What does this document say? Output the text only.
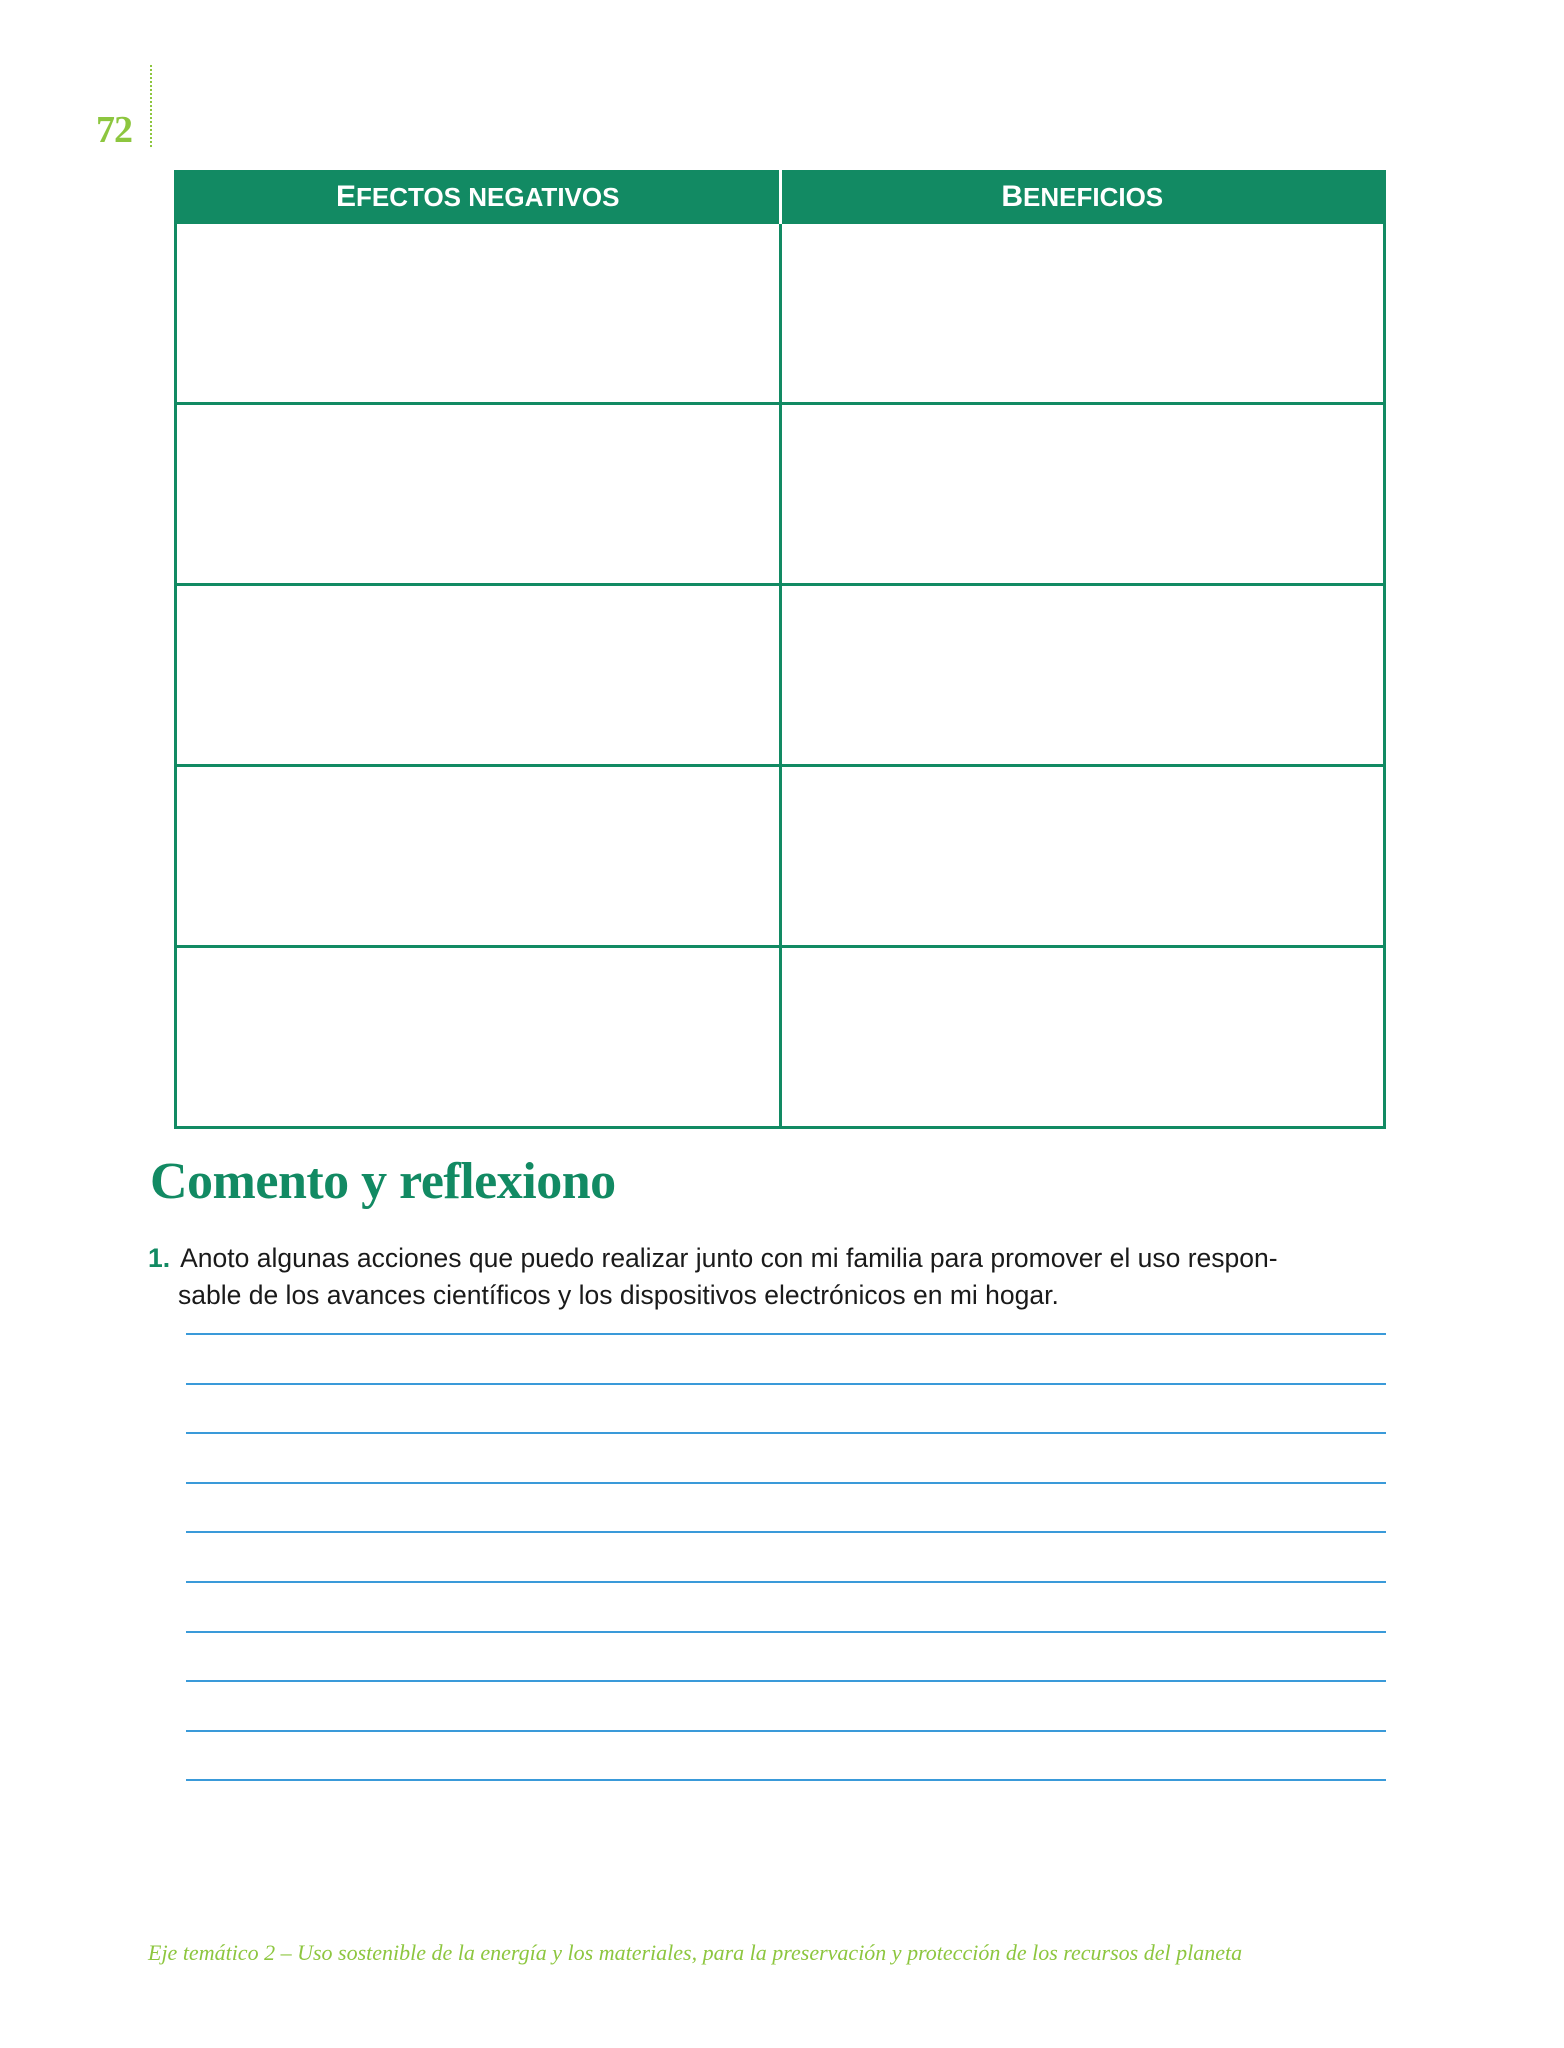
72
EFECTOS NEGATIVOS	BENEFICIOS

Comento y reflexiono
1. Anoto algunas acciones que puedo realizar junto con mi familia para promover el uso respon-
sable de los avances científicos y los dispositivos electrónicos en mi hogar.
Eje temático 2 – Uso sostenible de la energía y los materiales, para la preservación y protección de los recursos del planeta
